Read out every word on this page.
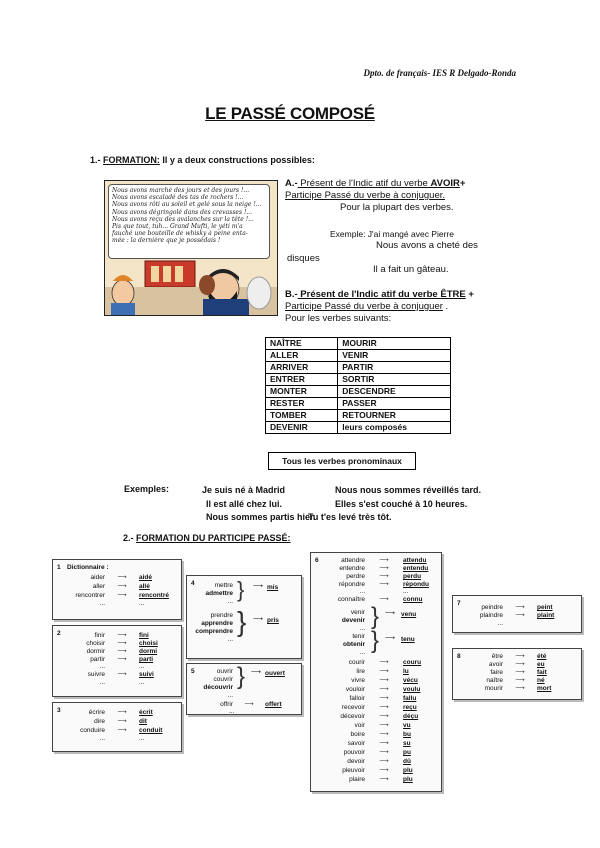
Dpto. de français- IES R Delgado-Ronda
LE PASSÉ COMPOSÉ
1.- FORMATION: Il y a deux constructions possibles:
Nous avons marché des jours et des jours !...
Nous avons escaladé des tas de rochers !...
Nous avons rôti au soleil et gelé sous la neige !...
Nous avons dégringolé dans des crevasses !...
Nous avons reçu des avalanches sur la tête !...
Pis que tout, tuh... Grand Mufti, le yéti m'a
fauché une bouteille de whisky à peine enta-
mée : la dernière que je possédais !
A.- Présent de l'Indic atif du verbe AVOIR+
Participe Passé du verbe à conjuguer.
Pour la plupart des verbes.
Exemple: J'ai mangé avec Pierre
Nous avons a cheté des
disques
Il a fait un gâteau.
B.- Présent de l'Indic atif du verbe ÊTRE +
Participe Passé du verbe à conjuguer .
Pour les verbes suivants:
NAÎTRE	MOURIR
ALLER	VENIR
ARRIVER	PARTIR
ENTRER	SORTIR
MONTER	DESCENDRE
RESTER	PASSER
TOMBER	RETOURNER
DEVENIR	leurs composés
Tous les verbes pronominaux
Exemples:	Je suis né à Madrid
Il est allé chez lui.
Nous sommes partis hier.
Nous nous sommes réveillés tard.
Elles s'est couché à 10 heures.
Tu t'es levé très tôt.
2.- FORMATION DU PARTICIPE PASSÉ:
1 Dictionnaire :
aider ⟶ aidé
aller ⟶ allé
rencontrer ⟶ rencontré
...	...
2	finir ⟶ fini
choisir ⟶ choisi
dormir ⟶ dormi
partir ⟶ parti
...	...
suivre ⟶ suivi
...	...
3	écrire ⟶ écrit
dire ⟶ dit
conduire ⟶ conduit
...	...
4	mettre
admettre
... } ⟶ mis
prendre
apprendre
comprendre
...
} ⟶ pris
5	ouvrir
couvrir
découvrir
...
} ⟶ ouvert
offrir ⟶ offert
...
6	attendre ⟶ attendu
entendre ⟶ entendu
perdre ⟶ perdu
répondre ⟶ répondu
...	...
connaître ⟶ connu
venir
devenir
... } ⟶ venu
tenir
obtenir
... } ⟶ tenu
courir ⟶ couru
lire ⟶ lu
vivre ⟶ vécu
vouloir ⟶ voulu
falloir ⟶ fallu
recevoir ⟶ reçu
décevoir ⟶ déçu
voir ⟶ vu
boire ⟶ bu
savoir ⟶ su
pouvoir ⟶ pu
devoir ⟶ dû
pleuvoir ⟶ plu
plaire ⟶ plu
7
peindre ⟶ peint
plaindre ⟶ plaint
...
8	être ⟶ été
avoir ⟶ eu
faire ⟶ fait
naître ⟶ né
mourir ⟶ mort
